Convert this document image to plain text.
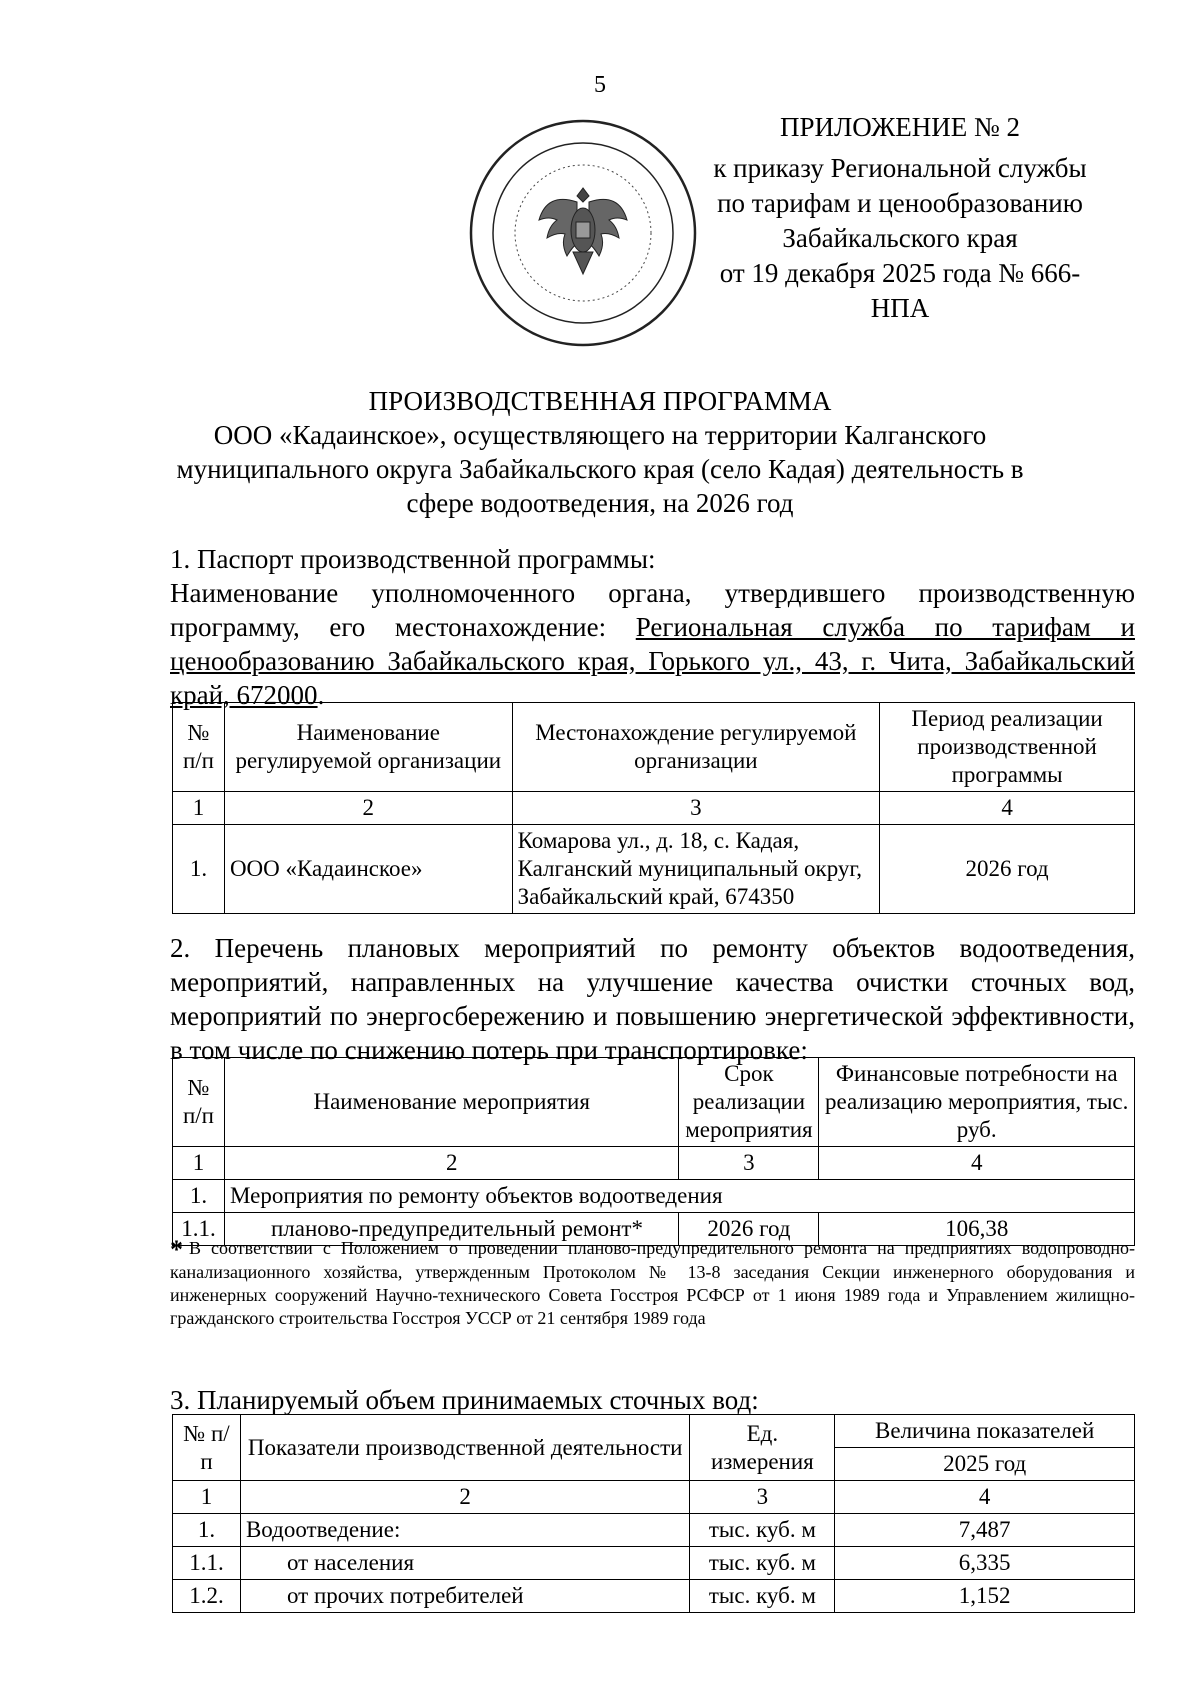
5
ПРИЛОЖЕНИЕ № 2
к приказу Региональной службы
по тарифам и ценообразованию
Забайкальского края
от 19 декабря 2025 года № 666-НПА
ПРОИЗВОДСТВЕННАЯ ПРОГРАММА
ООО «Кадаинское», осуществляющего на территории Калганского муниципального округа Забайкальского края (село Кадая) деятельность в сфере водоотведения, на 2026 год
1. Паспорт производственной программы:
Наименование уполномоченного органа, утвердившего производственную программу, его местонахождение: Региональная служба по тарифам и ценообразованию Забайкальского края, Горького ул., 43, г. Чита, Забайкальский край, 672000.
№ п/п	Наименование регулируемой организации	Местонахождение регулируемой организации	Период реализации производственной программы
1	2	3	4
1.	ООО «Кадаинское»	Комарова ул., д. 18, с. Кадая, Калганский муниципальный округ, Забайкальский край, 674350	2026 год
2. Перечень плановых мероприятий по ремонту объектов водоотведения, мероприятий, направленных на улучшение качества очистки сточных вод, мероприятий по энергосбережению и повышению энергетической эффективности, в том числе по снижению потерь при транспортировке:
№ п/п	Наименование мероприятия	Срок реализации мероприятия	Финансовые потребности на реализацию мероприятия, тыс. руб.
1	2	3	4
1.	Мероприятия по ремонту объектов водоотведения		
1.1.	планово-предупредительный ремонт*	2026 год	106,38
* В соответствии с Положением о проведении планово-предупредительного ремонта на предприятиях водопроводно-канализационного хозяйства, утвержденным Протоколом № 13-8 заседания Секции инженерного оборудования и инженерных сооружений Научно-технического Совета Госстроя РСФСР от 1 июня 1989 года и Управлением жилищно-гражданского строительства Госстроя УССР от 21 сентября 1989 года
3. Планируемый объем принимаемых сточных вод:
№ п/п	Показатели производственной деятельности	Ед. измерения	Величина показателей
			2025 год
1	2	3	4
1.	Водоотведение:	тыс. куб. м	7,487
1.1.	от населения	тыс. куб. м	6,335
1.2.	от прочих потребителей	тыс. куб. м	1,152
